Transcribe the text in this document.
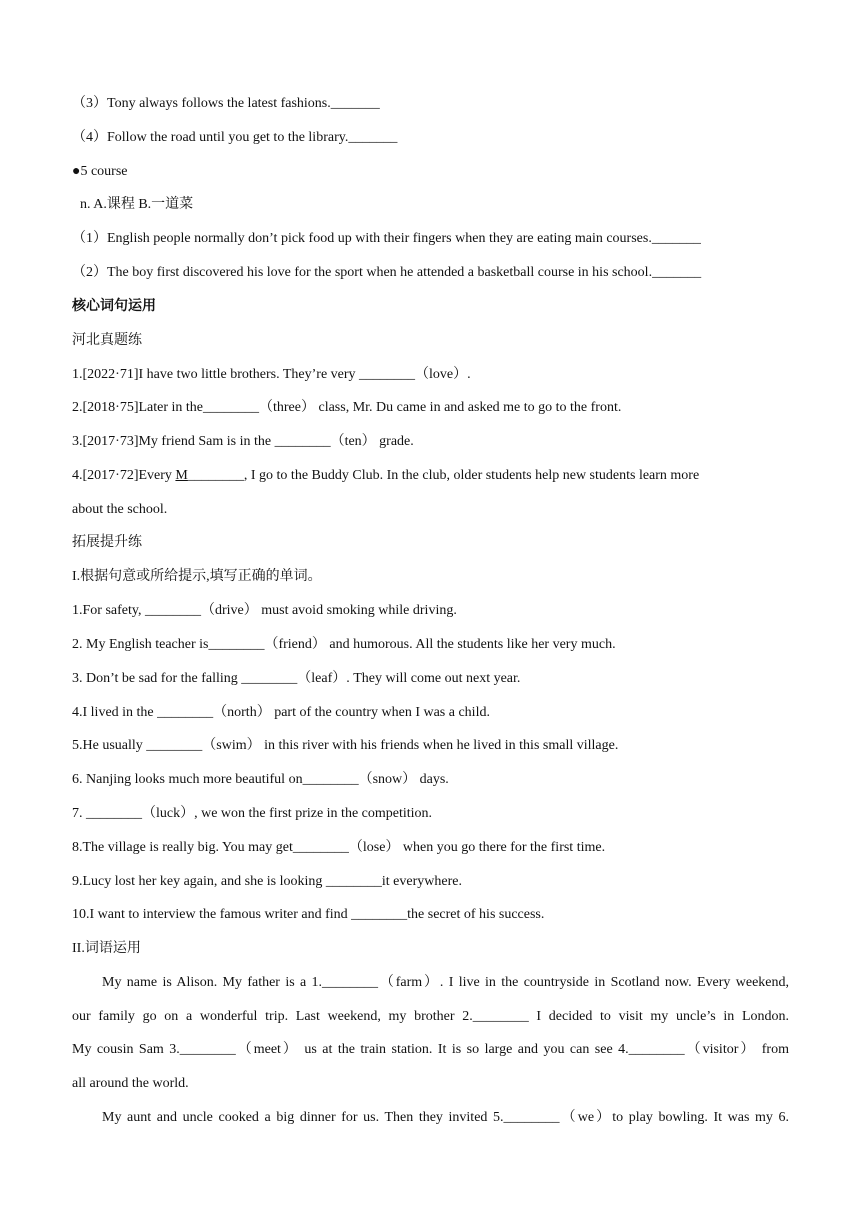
（3）Tony always follows the latest fashions._______
（4）Follow the road until you get to the library._______
●5 course
n. A.课程 B.一道菜
（1）English people normally don’t pick food up with their fingers when they are eating main courses._______
（2）The boy first discovered his love for the sport when he attended a basketball course in his school._______
核心词句运用
河北真题练
1.[2022·71]I have two little brothers. They’re very ________（love）.
2.[2018·75]Later in the________（three） class, Mr. Du came in and asked me to go to the front.
3.[2017·73]My friend Sam is in the ________（ten） grade.
4.[2017·72]Every M________, I go to the Buddy Club. In the club, older students help new students learn more
about the school.
拓展提升练
I.根据句意或所给提示,填写正确的单词。
1.For safety, ________（drive） must avoid smoking while driving.
2. My English teacher is________（friend） and humorous. All the students like her very much.
3. Don’t be sad for the falling ________（leaf）. They will come out next year.
4.I lived in the ________（north） part of the country when I was a child.
5.He usually ________（swim） in this river with his friends when he lived in this small village.
6. Nanjing looks much more beautiful on________（snow） days.
7. ________（luck）, we won the first prize in the competition.
8.The village is really big. You may get________（lose） when you go there for the first time.
9.Lucy lost her key again, and she is looking ________it everywhere.
10.I want to interview the famous writer and find ________the secret of his success.
II.词语运用
My name is Alison. My father is a 1.________（farm）. I live in the countryside in Scotland now. Every weekend,
our family go on a wonderful trip. Last weekend, my brother 2.________ I decided to visit my uncle’s in London.
My cousin Sam 3.________（meet） us at the train station. It is so large and you can see 4.________（visitor） from
all around the world.
My aunt and uncle cooked a big dinner for us. Then they invited 5.________（we）to play bowling. It was my 6.
